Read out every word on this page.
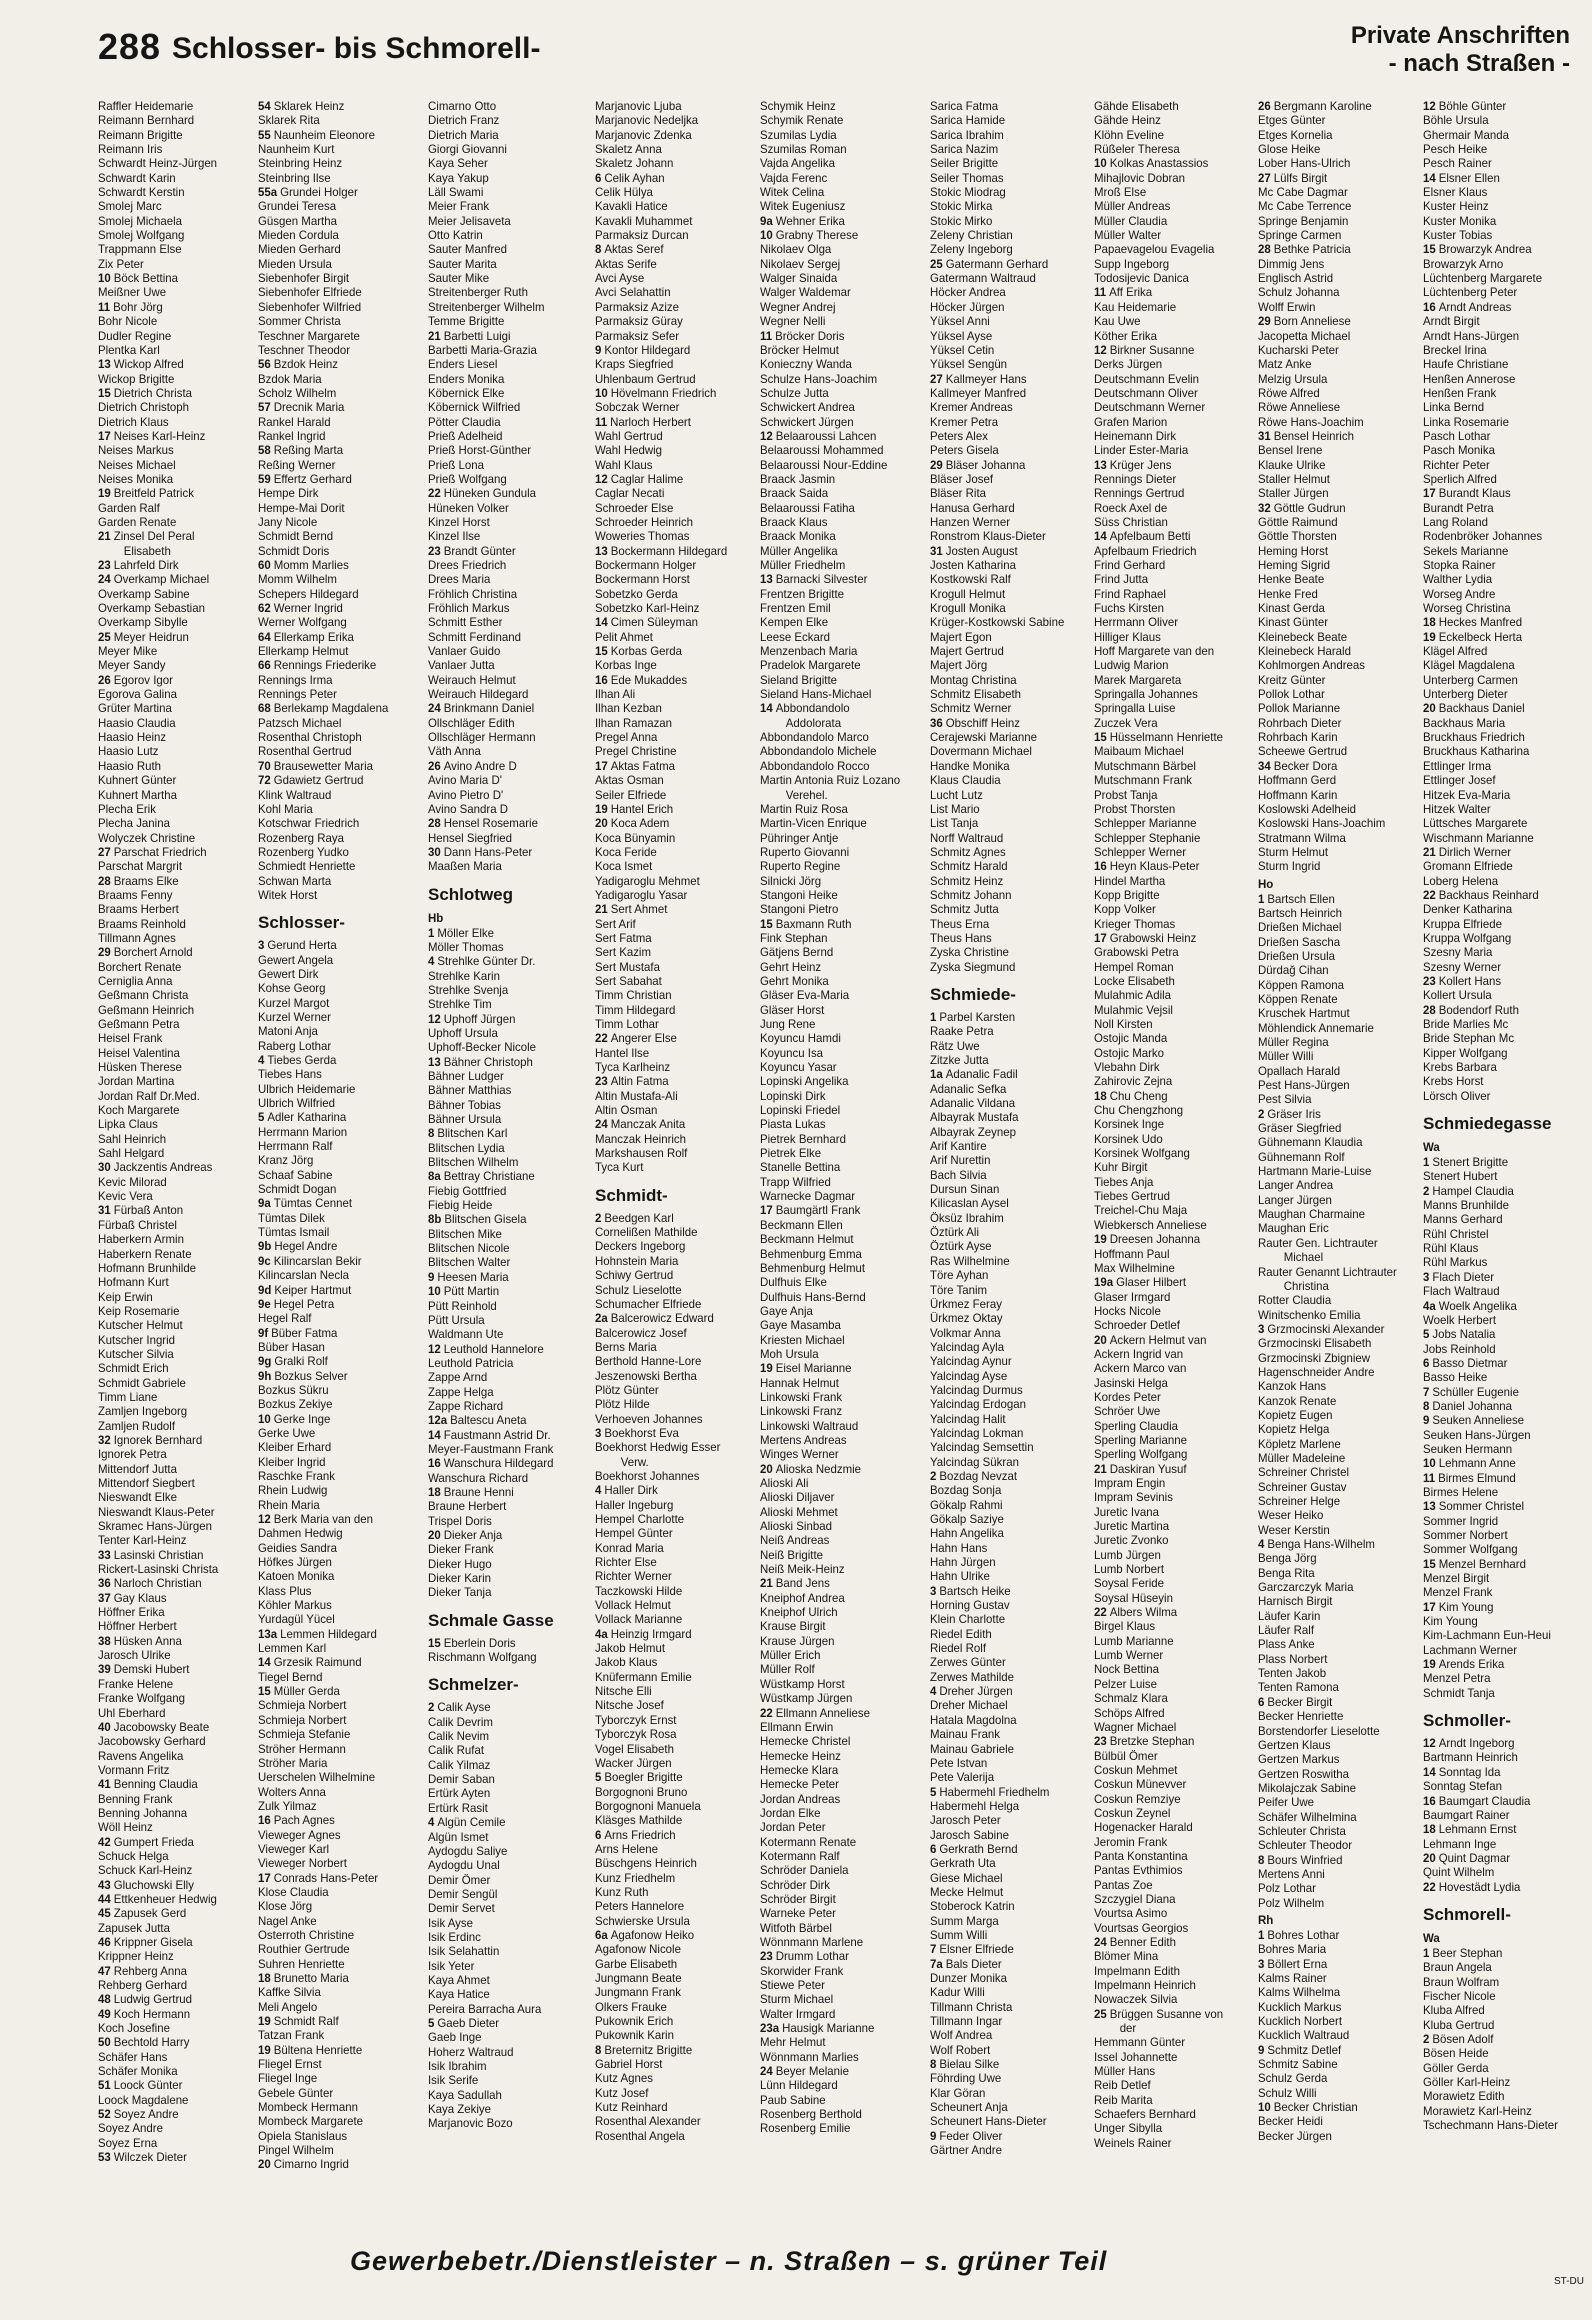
288 Schlosser- bis Schmorell-	Private Anschriften
- nach Straßen -
Raffler Heidemarie
Reimann Bernhard
Reimann Brigitte
Reimann Iris
Schwardt Heinz-Jürgen
Schwardt Karin
Schwardt Kerstin
Smolej Marc
Smolej Michaela
Smolej Wolfgang
Trappmann Else
Zix Peter
10 Böck Bettina
Meißner Uwe
11 Bohr Jörg
Bohr Nicole
Dudler Regine
Plentka Karl
13 Wickop Alfred
Wickop Brigitte
15 Dietrich Christa
Dietrich Christoph
Dietrich Klaus
17 Neises Karl-Heinz
Neises Markus
Neises Michael
Neises Monika
19 Breitfeld Patrick
Garden Ralf
Garden Renate
21 Zinsel Del Peral
Elisabeth
23 Lahrfeld Dirk
24 Overkamp Michael
Overkamp Sabine
Overkamp Sebastian
Overkamp Sibylle
25 Meyer Heidrun
Meyer Mike
Meyer Sandy
26 Egorov Igor
Egorova Galina
Grüter Martina
Haasio Claudia
Haasio Heinz
Haasio Lutz
Haasio Ruth
Kuhnert Günter
Kuhnert Martha
Plecha Erik
Plecha Janina
Wolyczek Christine
27 Parschat Friedrich
Parschat Margrit
28 Braams Elke
Braams Fenny
Braams Herbert
Braams Reinhold
Tillmann Agnes
29 Borchert Arnold
Borchert Renate
Cerniglia Anna
Geßmann Christa
Geßmann Heinrich
Geßmann Petra
Heisel Frank
Heisel Valentina
Hüsken Therese
Jordan Martina
Jordan Ralf Dr.Med.
Koch Margarete
Lipka Claus
Sahl Heinrich
Sahl Helgard
30 Jackzentis Andreas
Kevic Milorad
Kevic Vera
31 Fürbaß Anton
Fürbaß Christel
Haberkern Armin
Haberkern Renate
Hofmann Brunhilde
Hofmann Kurt
Keip Erwin
Keip Rosemarie
Kutscher Helmut
Kutscher Ingrid
Kutscher Silvia
Schmidt Erich
Schmidt Gabriele
Timm Liane
Zamljen Ingeborg
Zamljen Rudolf
32 Ignorek Bernhard
Ignorek Petra
Mittendorf Jutta
Mittendorf Siegbert
Nieswandt Elke
Nieswandt Klaus-Peter
Skramec Hans-Jürgen
Tenter Karl-Heinz
33 Lasinski Christian
Rickert-Lasinski Christa
36 Narloch Christian
37 Gay Klaus
Höffner Erika
Höffner Herbert
38 Hüsken Anna
Jarosch Ulrike
39 Demski Hubert
Franke Helene
Franke Wolfgang
Uhl Eberhard
40 Jacobowsky Beate
Jacobowsky Gerhard
Ravens Angelika
Vormann Fritz
41 Benning Claudia
Benning Frank
Benning Johanna
Wöll Heinz
42 Gumpert Frieda
Schuck Helga
Schuck Karl-Heinz
43 Gluchowski Elly
44 Ettkenheuer Hedwig
45 Zapusek Gerd
Zapusek Jutta
46 Krippner Gisela
Krippner Heinz
47 Rehberg Anna
Rehberg Gerhard
48 Ludwig Gertrud
49 Koch Hermann
Koch Josefine
50 Bechtold Harry
Schäfer Hans
Schäfer Monika
51 Loock Günter
Loock Magdalene
52 Soyez Andre
Soyez Andre
Soyez Erna
53 Wilczek Dieter
54 Sklarek Heinz
Sklarek Rita
55 Naunheim Eleonore
Naunheim Kurt
Steinbring Heinz
Steinbring Ilse
55a Grundei Holger
Grundei Teresa
Güsgen Martha
Mieden Cordula
Mieden Gerhard
Mieden Ursula
Siebenhofer Birgit
Siebenhofer Elfriede
Siebenhofer Wilfried
Sommer Christa
Teschner Margarete
Teschner Theodor
56 Bzdok Heinz
Bzdok Maria
Scholz Wilhelm
57 Drecnik Maria
Rankel Harald
Rankel Ingrid
58 Reßing Marta
Reßing Werner
59 Effertz Gerhard
Hempe Dirk
Hempe-Mai Dorit
Jany Nicole
Schmidt Bernd
Schmidt Doris
60 Momm Marlies
Momm Wilhelm
Schepers Hildegard
62 Werner Ingrid
Werner Wolfgang
64 Ellerkamp Erika
Ellerkamp Helmut
66 Rennings Friederike
Rennings Irma
Rennings Peter
68 Berlekamp Magdalena
Patzsch Michael
Rosenthal Christoph
Rosenthal Gertrud
70 Brausewetter Maria
72 Gdawietz Gertrud
Klink Waltraud
Kohl Maria
Kotschwar Friedrich
Rozenberg Raya
Rozenberg Yudko
Schmiedt Henriette
Schwan Marta
Witek Horst
Schlosser-
3 Gerund Herta
Gewert Angela
Gewert Dirk
Kohse Georg
Kurzel Margot
Kurzel Werner
Matoni Anja
Raberg Lothar
4 Tiebes Gerda
Tiebes Hans
Ulbrich Heidemarie
Ulbrich Wilfried
5 Adler Katharina
Herrmann Marion
Herrmann Ralf
Kranz Jörg
Schaaf Sabine
Schmidt Dogan
9a Tümtas Cennet
Tümtas Dilek
Tümtas Ismail
9b Hegel Andre
9c Kilincarslan Bekir
Kilincarslan Necla
9d Keiper Hartmut
9e Hegel Petra
Hegel Ralf
9f Büber Fatma
Büber Hasan
9g Gralki Rolf
9h Bozkus Selver
Bozkus Sükru
Bozkus Zekiye
10 Gerke Inge
Gerke Uwe
Kleiber Erhard
Kleiber Ingrid
Raschke Frank
Rhein Ludwig
Rhein Maria
12 Berk Maria van den
Dahmen Hedwig
Geidies Sandra
Höfkes Jürgen
Katoen Monika
Klass Plus
Köhler Markus
Yurdagül Yücel
13a Lemmen Hildegard
Lemmen Karl
14 Grzesik Raimund
Tiegel Bernd
15 Müller Gerda
Schmieja Norbert
Schmieja Norbert
Schmieja Stefanie
Ströher Hermann
Ströher Maria
Uerschelen Wilhelmine
Wolters Anna
Zulk Yilmaz
16 Pach Agnes
Vieweger Agnes
Vieweger Karl
Vieweger Norbert
17 Conrads Hans-Peter
Klose Claudia
Klose Jörg
Nagel Anke
Osterroth Christine
Routhier Gertrude
Suhren Henriette
18 Brunetto Maria
Kaffke Silvia
Meli Angelo
19 Schmidt Ralf
Tatzan Frank
19 Bültena Henriette
Fliegel Ernst
Fliegel Inge
Gebele Günter
Mombeck Hermann
Mombeck Margarete
Opiela Stanislaus
Pingel Wilhelm
20 Cimarno Ingrid
Cimarno Otto
Dietrich Franz
Dietrich Maria
Giorgi Giovanni
Kaya Seher
Kaya Yakup
Läll Swami
Meier Frank
Meier Jelisaveta
Otto Katrin
Sauter Manfred
Sauter Marita
Sauter Mike
Streitenberger Ruth
Streitenberger Wilhelm
Temme Brigitte
21 Barbetti Luigi
Barbetti Maria-Grazia
Enders Liesel
Enders Monika
Köbernick Elke
Köbernick Wilfried
Pötter Claudia
Prieß Adelheid
Prieß Horst-Günther
Prieß Lona
Prieß Wolfgang
22 Hüneken Gundula
Hüneken Volker
Kinzel Horst
Kinzel Ilse
23 Brandt Günter
Drees Friedrich
Drees Maria
Fröhlich Christina
Fröhlich Markus
Schmitt Esther
Schmitt Ferdinand
Vanlaer Guido
Vanlaer Jutta
Weirauch Helmut
Weirauch Hildegard
24 Brinkmann Daniel
Ollschläger Edith
Ollschläger Hermann
Väth Anna
26 Avino Andre D
Avino Maria D'
Avino Pietro D'
Avino Sandra D
28 Hensel Rosemarie
Hensel Siegfried
30 Dann Hans-Peter
Maaßen Maria
Schlotweg
Hb
1 Möller Elke
Möller Thomas
4 Strehlke Günter Dr.
Strehlke Karin
Strehlke Svenja
Strehlke Tim
12 Uphoff Jürgen
Uphoff Ursula
Uphoff-Becker Nicole
13 Bähner Christoph
Bähner Ludger
Bähner Matthias
Bähner Tobias
Bähner Ursula
8 Blitschen Karl
Blitschen Lydia
Blitschen Wilhelm
8a Bettray Christiane
Fiebig Gottfried
Fiebig Heide
8b Blitschen Gisela
Blitschen Mike
Blitschen Nicole
Blitschen Walter
9 Heesen Maria
10 Pütt Martin
Pütt Reinhold
Pütt Ursula
Waldmann Ute
12 Leuthold Hannelore
Leuthold Patricia
Zappe Arnd
Zappe Helga
Zappe Richard
12a Baltescu Aneta
14 Faustmann Astrid Dr.
Meyer-Faustmann Frank
16 Wanschura Hildegard
Wanschura Richard
18 Braune Henni
Braune Herbert
Trispel Doris
20 Dieker Anja
Dieker Frank
Dieker Hugo
Dieker Karin
Dieker Tanja
Schmale Gasse
15 Eberlein Doris
Rischmann Wolfgang
Schmelzer-
2 Calik Ayse
Calik Devrim
Calik Nevim
Calik Rufat
Calik Yilmaz
Demir Saban
Ertürk Ayten
Ertürk Rasit
4 Algün Cemile
Algün Ismet
Aydogdu Saliye
Aydogdu Unal
Demir Ömer
Demir Sengül
Demir Servet
Isik Ayse
Isik Erdinc
Isik Selahattin
Isik Yeter
Kaya Ahmet
Kaya Hatice
Pereira Barracha Aura
5 Gaeb Dieter
Gaeb Inge
Hoherz Waltraud
Isik Ibrahim
Isik Serife
Kaya Sadullah
Kaya Zekiye
Marjanovic Bozo
Marjanovic Ljuba
Marjanovic Nedeljka
Marjanovic Zdenka
Skaletz Anna
Skaletz Johann
6 Celik Ayhan
Celik Hülya
Kavakli Hatice
Kavakli Muhammet
Parmaksiz Durcan
8 Aktas Seref
Aktas Serife
Avci Ayse
Avci Selahattin
Parmaksiz Azize
Parmaksiz Güray
Parmaksiz Sefer
9 Kontor Hildegard
Kraps Siegfried
Uhlenbaum Gertrud
10 Hövelmann Friedrich
Sobczak Werner
11 Narloch Herbert
Wahl Gertrud
Wahl Hedwig
Wahl Klaus
12 Caglar Halime
Caglar Necati
Schroeder Else
Schroeder Heinrich
Woweries Thomas
13 Bockermann Hildegard
Bockermann Holger
Bockermann Horst
Sobetzko Gerda
Sobetzko Karl-Heinz
14 Cimen Süleyman
Pelit Ahmet
15 Korbas Gerda
Korbas Inge
16 Ede Mukaddes
Ilhan Ali
Ilhan Kezban
Ilhan Ramazan
Pregel Anna
Pregel Christine
17 Aktas Fatma
Aktas Osman
Seiler Elfriede
19 Hantel Erich
20 Koca Adem
Koca Bünyamin
Koca Feride
Koca Ismet
Yadigaroglu Mehmet
Yadigaroglu Yasar
21 Sert Ahmet
Sert Arif
Sert Fatma
Sert Kazim
Sert Mustafa
Sert Sabahat
Timm Christian
Timm Hildegard
Timm Lothar
22 Angerer Else
Hantel Ilse
Tyca Karlheinz
23 Altin Fatma
Altin Mustafa-Ali
Altin Osman
24 Manczak Anita
Manczak Heinrich
Markshausen Rolf
Tyca Kurt
Schmidt-
2 Beedgen Karl
Cornelißen Mathilde
Deckers Ingeborg
Hohnstein Maria
Schiwy Gertrud
Schulz Lieselotte
Schumacher Elfriede
2a Balcerowicz Edward
Balcerowicz Josef
Berns Maria
Berthold Hanne-Lore
Jeszenowski Bertha
Plötz Günter
Plötz Hilde
Verhoeven Johannes
3 Boekhorst Eva
Boekhorst Hedwig Esser
Verw.
Boekhorst Johannes
4 Haller Dirk
Haller Ingeburg
Hempel Charlotte
Hempel Günter
Konrad Maria
Richter Else
Richter Werner
Taczkowski Hilde
Vollack Helmut
Vollack Marianne
4a Heinzig Irmgard
Jakob Helmut
Jakob Klaus
Knüfermann Emilie
Nitsche Elli
Nitsche Josef
Tyborczyk Ernst
Tyborczyk Rosa
Vogel Elisabeth
Wacker Jürgen
5 Boegler Brigitte
Borgognoni Bruno
Borgognoni Manuela
Kläsges Mathilde
6 Arns Friedrich
Arns Helene
Büschgens Heinrich
Kunz Friedhelm
Kunz Ruth
Peters Hannelore
Schwierske Ursula
6a Agafonow Heiko
Agafonow Nicole
Garbe Elisabeth
Jungmann Beate
Jungmann Frank
Olkers Frauke
Pukownik Erich
Pukownik Karin
8 Breternitz Brigitte
Gabriel Horst
Kutz Agnes
Kutz Josef
Kutz Reinhard
Rosenthal Alexander
Rosenthal Angela
Schymik Heinz
Schymik Renate
Szumilas Lydia
Szumilas Roman
Vajda Angelika
Vajda Ferenc
Witek Celina
Witek Eugeniusz
9a Wehner Erika
10 Grabny Therese
Nikolaev Olga
Nikolaev Sergej
Walger Sinaida
Walger Waldemar
Wegner Andrej
Wegner Nelli
11 Bröcker Doris
Bröcker Helmut
Konieczny Wanda
Schulze Hans-Joachim
Schulze Jutta
Schwickert Andrea
Schwickert Jürgen
12 Belaaroussi Lahcen
Belaaroussi Mohammed
Belaaroussi Nour-Eddine
Braack Jasmin
Braack Saida
Belaaroussi Fatiha
Braack Klaus
Braack Monika
Müller Angelika
Müller Friedhelm
13 Barnacki Silvester
Frentzen Brigitte
Frentzen Emil
Kempen Elke
Leese Eckard
Menzenbach Maria
Pradelok Margarete
Sieland Brigitte
Sieland Hans-Michael
14 Abbondandolo
Addolorata
Abbondandolo Marco
Abbondandolo Michele
Abbondandolo Rocco
Martin Antonia Ruiz Lozano
Verehel.
Martin Ruiz Rosa
Martin-Vicen Enrique
Pühringer Antje
Ruperto Giovanni
Ruperto Regine
Silnicki Jörg
Stangoni Heike
Stangoni Pietro
15 Baxmann Ruth
Fink Stephan
Gätjens Bernd
Gehrt Heinz
Gehrt Monika
Gläser Eva-Maria
Gläser Horst
Jung Rene
Koyuncu Hamdi
Koyuncu Isa
Koyuncu Yasar
Lopinski Angelika
Lopinski Dirk
Lopinski Friedel
Piasta Lukas
Pietrek Bernhard
Pietrek Elke
Stanelle Bettina
Trapp Wilfried
Warnecke Dagmar
17 Baumgärtl Frank
Beckmann Ellen
Beckmann Helmut
Behmenburg Emma
Behmenburg Helmut
Dulfhuis Elke
Dulfhuis Hans-Bernd
Gaye Anja
Gaye Masamba
Kriesten Michael
Moh Ursula
19 Eisel Marianne
Hannak Helmut
Linkowski Frank
Linkowski Franz
Linkowski Waltraud
Mertens Andreas
Winges Werner
20 Alioska Nedzmie
Alioski Ali
Alioski Diljaver
Alioski Mehmet
Alioski Sinbad
Neiß Andreas
Neiß Brigitte
Neiß Meik-Heinz
21 Band Jens
Kneiphof Andrea
Kneiphof Ulrich
Krause Birgit
Krause Jürgen
Müller Erich
Müller Rolf
Wüstkamp Horst
Wüstkamp Jürgen
22 Ellmann Anneliese
Ellmann Erwin
Hemecke Christel
Hemecke Heinz
Hemecke Klara
Hemecke Peter
Jordan Andreas
Jordan Elke
Jordan Peter
Kotermann Renate
Kotermann Ralf
Schröder Daniela
Schröder Dirk
Schröder Birgit
Warneke Peter
Witfoth Bärbel
Wönnmann Marlene
23 Drumm Lothar
Skorwider Frank
Stiewe Peter
Sturm Michael
Walter Irmgard
23a Hausigk Marianne
Mehr Helmut
Wönnmann Marlies
24 Beyer Melanie
Lünn Hildegard
Paub Sabine
Rosenberg Berthold
Rosenberg Emilie
Sarica Fatma
Sarica Hamide
Sarica Ibrahim
Sarica Nazim
Seiler Brigitte
Seiler Thomas
Stokic Miodrag
Stokic Mirka
Stokic Mirko
Zeleny Christian
Zeleny Ingeborg
25 Gatermann Gerhard
Gatermann Waltraud
Höcker Andrea
Höcker Jürgen
Yüksel Anni
Yüksel Ayse
Yüksel Cetin
Yüksel Sengün
27 Kallmeyer Hans
Kallmeyer Manfred
Kremer Andreas
Kremer Petra
Peters Alex
Peters Gisela
29 Bläser Johanna
Bläser Josef
Bläser Rita
Hanusa Gerhard
Hanzen Werner
Ronstrom Klaus-Dieter
31 Josten August
Josten Katharina
Kostkowski Ralf
Krogull Helmut
Krogull Monika
Krüger-Kostkowski Sabine
Majert Egon
Majert Gertrud
Majert Jörg
Montag Christina
Schmitz Elisabeth
Schmitz Werner
36 Obschiff Heinz
Cerajewski Marianne
Dovermann Michael
Handke Monika
Klaus Claudia
Lucht Lutz
List Mario
List Tanja
Norff Waltraud
Schmitz Agnes
Schmitz Harald
Schmitz Heinz
Schmitz Johann
Schmitz Jutta
Theus Erna
Theus Hans
Zyska Christine
Zyska Siegmund
Schmiede-
1 Parbel Karsten
Raake Petra
Rätz Uwe
Zitzke Jutta
1a Adanalic Fadil
Adanalic Sefka
Adanalic Vildana
Albayrak Mustafa
Albayrak Zeynep
Arif Kantire
Arif Nurettin
Bach Silvia
Dursun Sinan
Kilicaslan Aysel
Öksüz Ibrahim
Öztürk Ali
Öztürk Ayse
Ras Wilhelmine
Töre Ayhan
Töre Tanim
Ürkmez Feray
Ürkmez Oktay
Volkmar Anna
Yalcindag Ayla
Yalcindag Aynur
Yalcindag Ayse
Yalcindag Durmus
Yalcindag Erdogan
Yalcindag Halit
Yalcindag Lokman
Yalcindag Semsettin
Yalcindag Sükran
2 Bozdag Nevzat
Bozdag Sonja
Gökalp Rahmi
Gökalp Saziye
Hahn Angelika
Hahn Hans
Hahn Jürgen
Hahn Ulrike
3 Bartsch Heike
Horning Gustav
Klein Charlotte
Riedel Edith
Riedel Rolf
Zerwes Günter
Zerwes Mathilde
4 Dreher Jürgen
Dreher Michael
Hatala Magdolna
Mainau Frank
Mainau Gabriele
Pete Istvan
Pete Valerija
5 Habermehl Friedhelm
Habermehl Helga
Jarosch Peter
Jarosch Sabine
6 Gerkrath Bernd
Gerkrath Uta
Giese Michael
Mecke Helmut
Stoberock Katrin
Summ Marga
Summ Willi
7 Elsner Elfriede
7a Bals Dieter
Dunzer Monika
Kadur Willi
Tillmann Christa
Tillmann Ingar
Wolf Andrea
Wolf Robert
8 Bielau Silke
Föhrding Uwe
Klar Göran
Scheunert Anja
Scheunert Hans-Dieter
9 Feder Oliver
Gärtner Andre
Gähde Elisabeth
Gähde Heinz
Klöhn Eveline
Rüßeler Theresa
10 Kolkas Anastassios
Mihajlovic Dobran
Mroß Else
Müller Andreas
Müller Claudia
Müller Walter
Papaevagelou Evagelia
Supp Ingeborg
Todosijevic Danica
11 Aff Erika
Kau Heidemarie
Kau Uwe
Köther Erika
12 Birkner Susanne
Derks Jürgen
Deutschmann Evelin
Deutschmann Oliver
Deutschmann Werner
Grafen Marion
Heinemann Dirk
Linder Ester-Maria
13 Krüger Jens
Rennings Dieter
Rennings Gertrud
Roeck Axel de
Süss Christian
14 Apfelbaum Betti
Apfelbaum Friedrich
Frind Gerhard
Frind Jutta
Frind Raphael
Fuchs Kirsten
Herrmann Oliver
Hilliger Klaus
Hoff Margarete van den
Ludwig Marion
Marek Margareta
Springalla Johannes
Springalla Luise
Zuczek Vera
15 Hüsselmann Henriette
Maibaum Michael
Mutschmann Bärbel
Mutschmann Frank
Probst Tanja
Probst Thorsten
Schlepper Marianne
Schlepper Stephanie
Schlepper Werner
16 Heyn Klaus-Peter
Hindel Martha
Kopp Brigitte
Kopp Volker
Krieger Thomas
17 Grabowski Heinz
Grabowski Petra
Hempel Roman
Locke Elisabeth
Mulahmic Adila
Mulahmic Vejsil
Noll Kirsten
Ostojic Manda
Ostojic Marko
Vlebahn Dirk
Zahirovic Zejna
18 Chu Cheng
Chu Chengzhong
Korsinek Inge
Korsinek Udo
Korsinek Wolfgang
Kuhr Birgit
Tiebes Anja
Tiebes Gertrud
Treichel-Chu Maja
Wiebkersch Anneliese
19 Dreesen Johanna
Hoffmann Paul
Max Wilhelmine
19a Glaser Hilbert
Glaser Irmgard
Hocks Nicole
Schroeder Detlef
20 Ackern Helmut van
Ackern Ingrid van
Ackern Marco van
Jasinski Helga
Kordes Peter
Schröer Uwe
Sperling Claudia
Sperling Marianne
Sperling Wolfgang
21 Daskiran Yusuf
Impram Engin
Impram Sevinis
Juretic Ivana
Juretic Martina
Juretic Zvonko
Lumb Jürgen
Lumb Norbert
Soysal Feride
Soysal Hüseyin
22 Albers Wilma
Birgel Klaus
Lumb Marianne
Lumb Werner
Nock Bettina
Pelzer Luise
Schmalz Klara
Schöps Alfred
Wagner Michael
23 Bretzke Stephan
Bülbül Ömer
Coskun Mehmet
Coskun Münevver
Coskun Remziye
Coskun Zeynel
Hogenacker Harald
Jeromin Frank
Panta Konstantina
Pantas Evthimios
Pantas Zoe
Szczygiel Diana
Vourtsa Asimo
Vourtsas Georgios
24 Benner Edith
Blömer Mina
Impelmann Edith
Impelmann Heinrich
Nowaczek Silvia
25 Brüggen Susanne von
der
Hemmann Günter
Issel Johannette
Müller Hans
Reib Detlef
Reib Marita
Schaefers Bernhard
Unger Sibylla
Weinels Rainer
26 Bergmann Karoline
Etges Günter
Etges Kornelia
Glose Heike
Lober Hans-Ulrich
27 Lülfs Birgit
Mc Cabe Dagmar
Mc Cabe Terrence
Springe Benjamin
Springe Carmen
28 Bethke Patricia
Dimmig Jens
Englisch Astrid
Schulz Johanna
Wolff Erwin
29 Born Anneliese
Jacopetta Michael
Kucharski Peter
Matz Anke
Melzig Ursula
Röwe Alfred
Röwe Anneliese
Röwe Hans-Joachim
31 Bensel Heinrich
Bensel Irene
Klauke Ulrike
Staller Helmut
Staller Jürgen
32 Göttle Gudrun
Göttle Raimund
Göttle Thorsten
Heming Horst
Heming Sigrid
Henke Beate
Henke Fred
Kinast Gerda
Kinast Günter
Kleinebeck Beate
Kleinebeck Harald
Kohlmorgen Andreas
Kreitz Günter
Pollok Lothar
Pollok Marianne
Rohrbach Dieter
Rohrbach Karin
Scheewe Gertrud
34 Becker Dora
Hoffmann Gerd
Hoffmann Karin
Koslowski Adelheid
Koslowski Hans-Joachim
Stratmann Wilma
Sturm Helmut
Sturm Ingrid
Ho
1 Bartsch Ellen
Bartsch Heinrich
Drießen Michael
Drießen Sascha
Drießen Ursula
Dürdağ Cihan
Köppen Ramona
Köppen Renate
Kruschek Hartmut
Möhlendick Annemarie
Müller Regina
Müller Willi
Opallach Harald
Pest Hans-Jürgen
Pest Silvia
2 Gräser Iris
Gräser Siegfried
Gühnemann Klaudia
Gühnemann Rolf
Hartmann Marie-Luise
Langer Andrea
Langer Jürgen
Maughan Charmaine
Maughan Eric
Rauter Gen. Lichtrauter
Michael
Rauter Genannt Lichtrauter
Christina
Rotter Claudia
Winitschenko Emilia
3 Grzmocinski Alexander
Grzmocinski Elisabeth
Grzmocinski Zbigniew
Hagenschneider Andre
Kanzok Hans
Kanzok Renate
Kopietz Eugen
Kopietz Helga
Köpletz Marlene
Müller Madeleine
Schreiner Christel
Schreiner Gustav
Schreiner Helge
Weser Heiko
Weser Kerstin
4 Benga Hans-Wilhelm
Benga Jörg
Benga Rita
Garczarczyk Maria
Harnisch Birgit
Läufer Karin
Läufer Ralf
Plass Anke
Plass Norbert
Tenten Jakob
Tenten Ramona
6 Becker Birgit
Becker Henriette
Borstendorfer Lieselotte
Gertzen Klaus
Gertzen Markus
Gertzen Roswitha
Mikolajczak Sabine
Peifer Uwe
Schäfer Wilhelmina
Schleuter Christa
Schleuter Theodor
8 Bours Winfried
Mertens Anni
Polz Lothar
Polz Wilhelm
Rh
1 Bohres Lothar
Bohres Maria
3 Böllert Erna
Kalms Rainer
Kalms Wilhelma
Kucklich Markus
Kucklich Norbert
Kucklich Waltraud
9 Schmitz Detlef
Schmitz Sabine
Schulz Gerda
Schulz Willi
10 Becker Christian
Becker Heidi
Becker Jürgen
12 Böhle Günter
Böhle Ursula
Ghermair Manda
Pesch Heike
Pesch Rainer
14 Elsner Ellen
Elsner Klaus
Kuster Heinz
Kuster Monika
Kuster Tobias
15 Browarzyk Andrea
Browarzyk Arno
Lüchtenberg Margarete
Lüchtenberg Peter
16 Arndt Andreas
Arndt Birgit
Arndt Hans-Jürgen
Breckel Irina
Haufe Christiane
Henßen Annerose
Henßen Frank
Linka Bernd
Linka Rosemarie
Pasch Lothar
Pasch Monika
Richter Peter
Sperlich Alfred
17 Burandt Klaus
Burandt Petra
Lang Roland
Rodenbröker Johannes
Sekels Marianne
Stopka Rainer
Walther Lydia
Worseg Andre
Worseg Christina
18 Heckes Manfred
19 Eckelbeck Herta
Klägel Alfred
Klägel Magdalena
Unterberg Carmen
Unterberg Dieter
20 Backhaus Daniel
Backhaus Maria
Bruckhaus Friedrich
Bruckhaus Katharina
Ettlinger Irma
Ettlinger Josef
Hitzek Eva-Maria
Hitzek Walter
Lüttsches Margarete
Wischmann Marianne
21 Dirlich Werner
Gromann Elfriede
Loberg Helena
22 Backhaus Reinhard
Denker Katharina
Kruppa Elfriede
Kruppa Wolfgang
Szesny Maria
Szesny Werner
23 Kollert Hans
Kollert Ursula
28 Bodendorf Ruth
Bride Marlies Mc
Bride Stephan Mc
Kipper Wolfgang
Krebs Barbara
Krebs Horst
Lörsch Oliver
Schmiedegasse
Wa
1 Stenert Brigitte
Stenert Hubert
2 Hampel Claudia
Manns Brunhilde
Manns Gerhard
Rühl Christel
Rühl Klaus
Rühl Markus
3 Flach Dieter
Flach Waltraud
4a Woelk Angelika
Woelk Herbert
5 Jobs Natalia
Jobs Reinhold
6 Basso Dietmar
Basso Heike
7 Schüller Eugenie
8 Daniel Johanna
9 Seuken Anneliese
Seuken Hans-Jürgen
Seuken Hermann
10 Lehmann Anne
11 Birmes Elmund
Birmes Helene
13 Sommer Christel
Sommer Ingrid
Sommer Norbert
Sommer Wolfgang
15 Menzel Bernhard
Menzel Birgit
Menzel Frank
17 Kim Young
Kim Young
Kim-Lachmann Eun-Heui
Lachmann Werner
19 Arends Erika
Menzel Petra
Schmidt Tanja
Schmoller-
12 Arndt Ingeborg
Bartmann Heinrich
14 Sonntag Ida
Sonntag Stefan
16 Baumgart Claudia
Baumgart Rainer
18 Lehmann Ernst
Lehmann Inge
20 Quint Dagmar
Quint Wilhelm
22 Hovestädt Lydia
Schmorell-
Wa
1 Beer Stephan
Braun Angela
Braun Wolfram
Fischer Nicole
Kluba Alfred
Kluba Gertrud
2 Bösen Adolf
Bösen Heide
Göller Gerda
Göller Karl-Heinz
Morawietz Edith
Morawietz Karl-Heinz
Tschechmann Hans-Dieter
Gewerbebetr./Dienstleister – n. Straßen – s. grüner Teil
ST-DU
